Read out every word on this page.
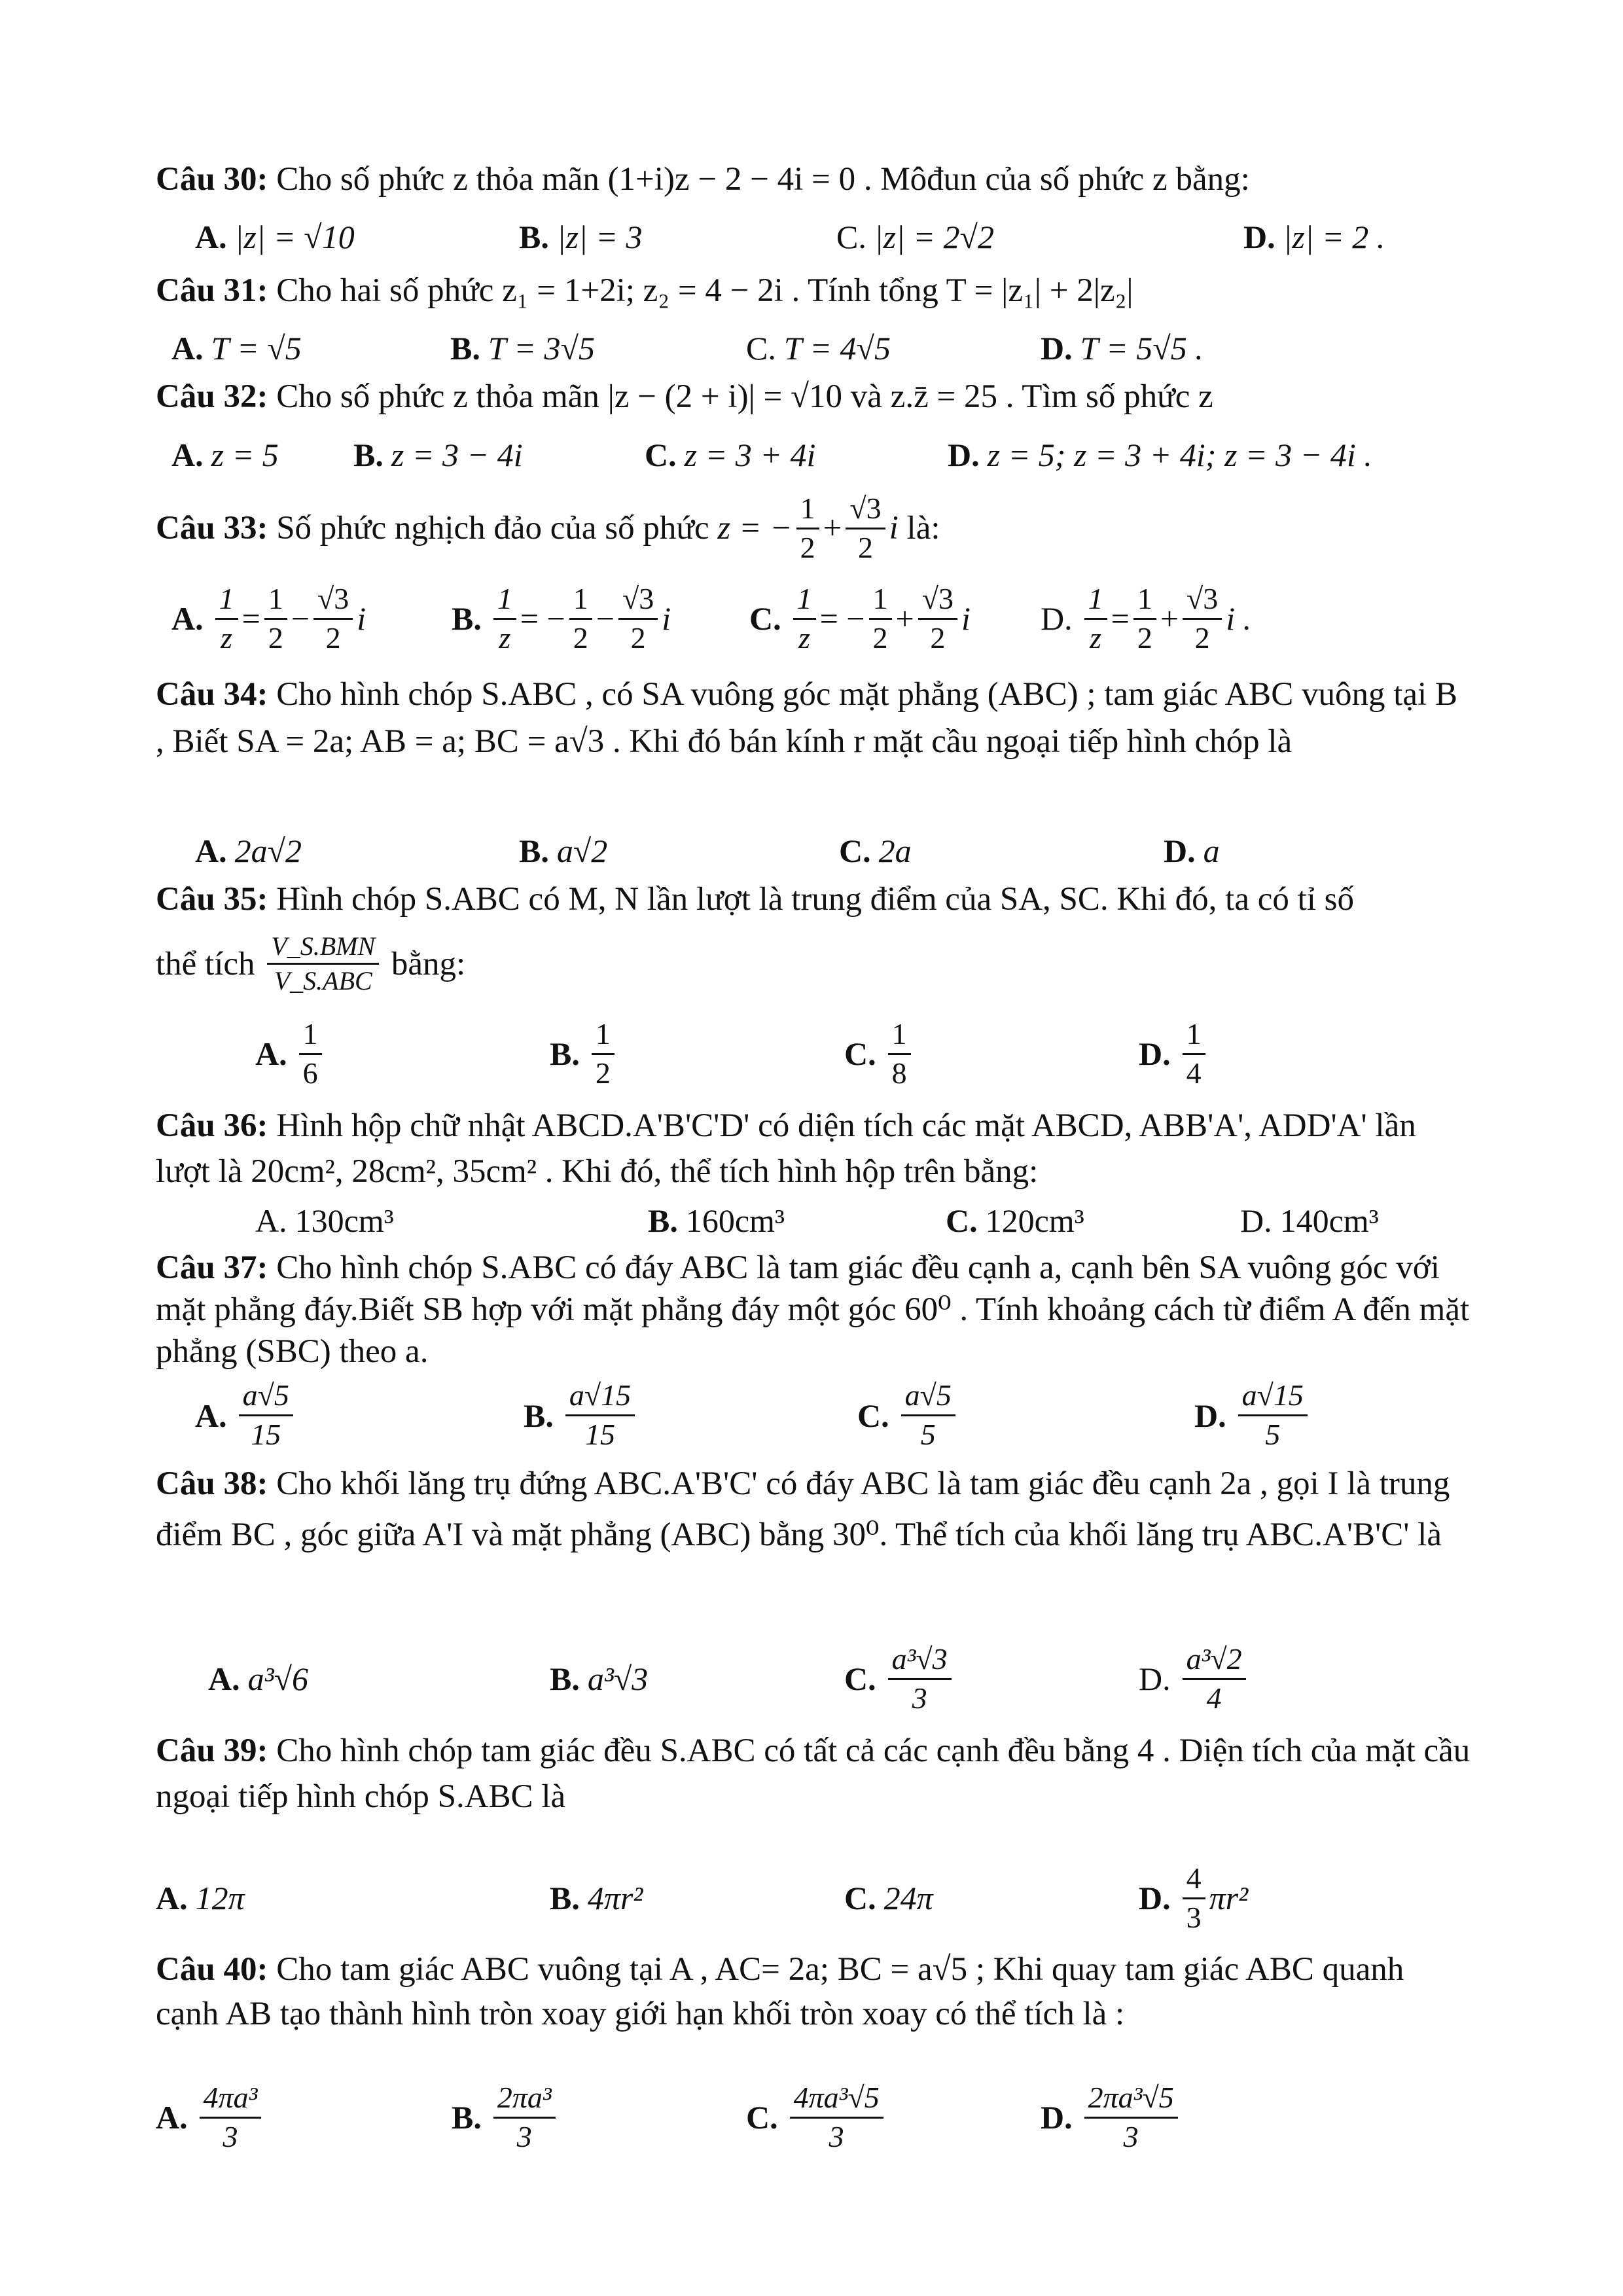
Câu 30: Cho số phức z thỏa mãn (1+i)z − 2 − 4i = 0 . Môđun của số phức z bằng:
A. |z| = √10	B. |z| = 3	C. |z| = 2√2	D. |z| = 2 .
Câu 31: Cho hai số phức z₁ = 1+2i; z₂ = 4 − 2i . Tính tổng T = |z₁| + 2|z₂|
A. T = √5	B. T = 3√5	C. T = 4√5	D. T = 5√5 .
Câu 32: Cho số phức z thỏa mãn |z − (2 + i)| = √10 và z.z̄ = 25 . Tìm số phức z
A. z = 5 B. z = 3 − 4i	C. z = 3 + 4i	D. z = 5; z = 3 + 4i; z = 3 − 4i .
Câu 33:
Số phức nghịch đảo của số phức
z = − $\frac{1}{2} + \frac{√3}{2}$ i
là:
A. $\frac{1}{z} = \frac{1}{2} - \frac{√3}{2}$ i	B. $\frac{1}{z}$ = − $\frac{1}{2} - \frac{√3}{2}$ i C. $\frac{1}{z}$ = − $\frac{1}{2} + \frac{√3}{2}$ i D. $\frac{1}{z} = \frac{1}{2} + \frac{√3}{2}$ i .
Câu 34: Cho hình chóp S.ABC , có SA vuông góc mặt phẳng (ABC) ; tam giác ABC vuông tại B , Biết SA = 2a; AB = a; BC = a√3 . Khi đó bán kính r mặt cầu ngoại tiếp hình chóp là
A. 2a√2	B. a√2	C. 2a	D. a
Câu 35: Hình chóp S.ABC có M, N lần lượt là trung điểm của SA, SC. Khi đó, ta có tỉ số
thể tích
$\frac{\text{V\_S.BMN}}{\text{V\_S.ABC}}$
bằng:
A. $\frac{1}{6}$	B. $\frac{1}{2}$	C. $\frac{1}{8}$	D. $\frac{1}{4}$
Câu 36: Hình hộp chữ nhật ABCD.A'B'C'D' có diện tích các mặt ABCD, ABB'A', ADD'A' lần lượt là 20cm², 28cm², 35cm² . Khi đó, thể tích hình hộp trên bằng:
A. 130cm³	B. 160cm³	C. 120cm³	D. 140cm³
Câu 37: Cho hình chóp S.ABC có đáy ABC là tam giác đều cạnh a, cạnh bên SA vuông góc với mặt phẳng đáy.Biết SB hợp với mặt phẳng đáy một góc 60⁰ . Tính khoảng cách từ điểm A đến mặt phẳng (SBC) theo a.
A. $\frac{a√5}{15}$	B. $\frac{a√15}{15}$	C. $\frac{a√5}{5}$	D. $\frac{a√15}{5}$
Câu 38: Cho khối lăng trụ đứng ABC.A'B'C' có đáy ABC là tam giác đều cạnh 2a , gọi I là trung điểm BC , góc giữa A'I và mặt phẳng (ABC) bằng 30⁰. Thể tích của khối lăng trụ ABC.A'B'C' là
A. a³√6	B. a³√3	C. $\frac{\text{a³√3}}{3}$	D. $\frac{\text{a³√2}}{4}$
Câu 39: Cho hình chóp tam giác đều S.ABC có tất cả các cạnh đều bằng 4 . Diện tích của mặt cầu ngoại tiếp hình chóp S.ABC là
A. 12π	B. 4πr²	C. 24π	D. $\frac{4}{3} \pi r^2$
Câu 40: Cho tam giác ABC vuông tại A , AC= 2a; BC = a√5 ; Khi quay tam giác ABC quanh cạnh AB tạo thành hình tròn xoay giới hạn khối tròn xoay có thể tích là :
A. $\frac{\text{4πa³}}{3}$	B. $\frac{\text{2πa³}}{3}$	C. $\frac{\text{4πa³√5}}{3}$	D. $\frac{\text{2πa³√5}}{3}$
